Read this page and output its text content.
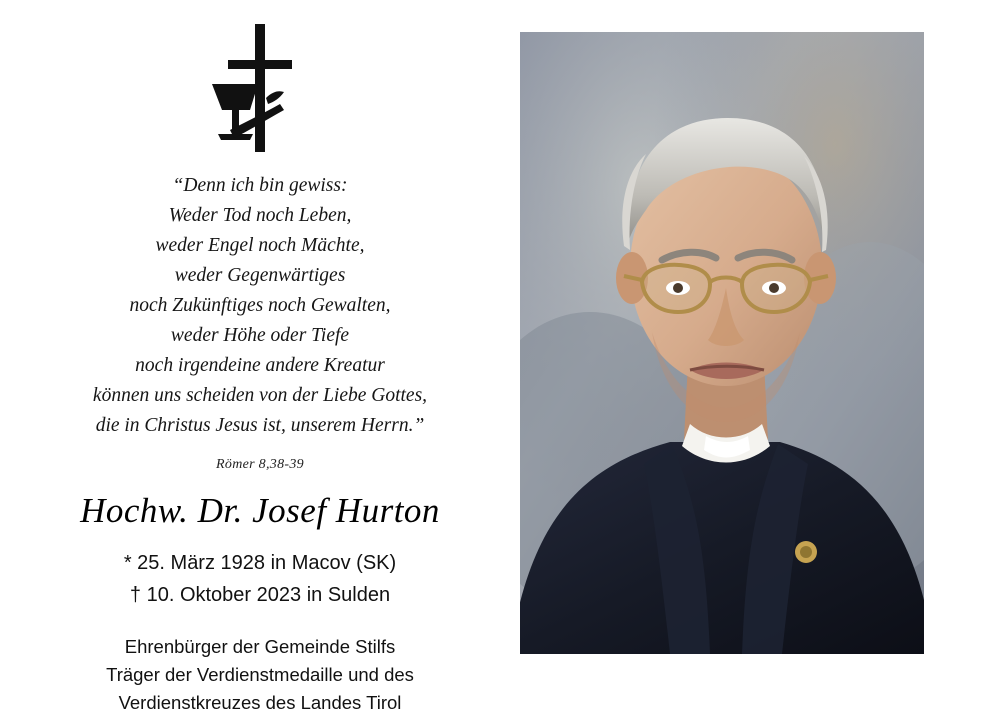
“Denn ich bin gewiss:
Weder Tod noch Leben,
weder Engel noch Mächte,
weder Gegenwärtiges
noch Zukünftiges noch Gewalten,
weder Höhe oder Tiefe
noch irgendeine andere Kreatur
können uns scheiden von der Liebe Gottes,
die in Christus Jesus ist, unserem Herrn.”
Römer 8,38-39
Hochw. Dr. Josef Hurton
* 25. März 1928 in Macov (SK)
† 10. Oktober 2023 in Sulden
Ehrenbürger der Gemeinde Stilfs
Träger der Verdienstmedaille und des
Verdienstkreuzes des Landes Tirol
